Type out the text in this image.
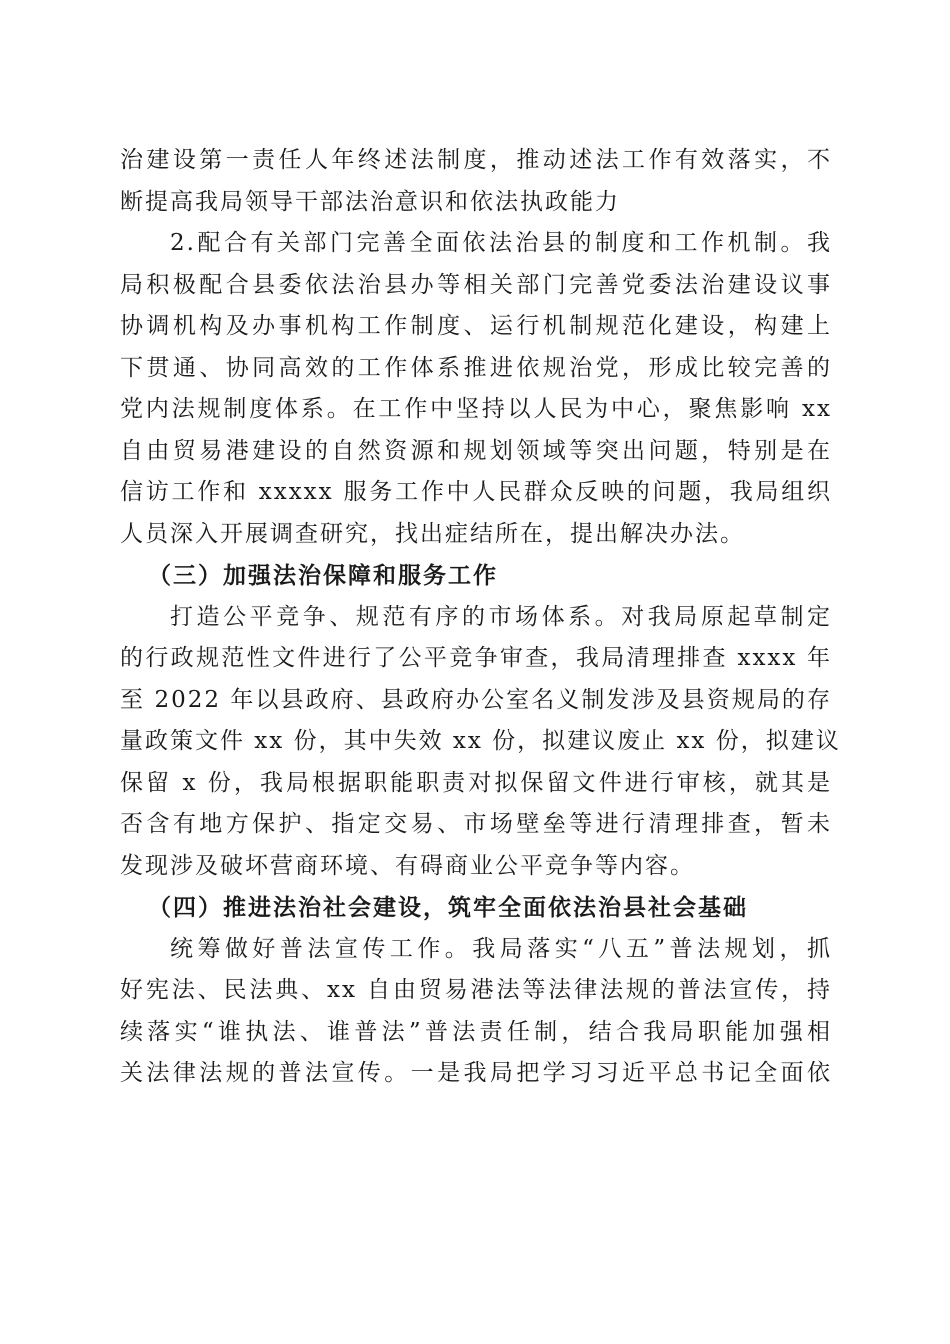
治建设第一责任人年终述法制度，推动述法工作有效落实，不
断提高我局领导干部法治意识和依法执政能力
2.配合有关部门完善全面依法治县的制度和工作机制。我
局积极配合县委依法治县办等相关部门完善党委法治建设议事
协调机构及办事机构工作制度、运行机制规范化建设，构建上
下贯通、协同高效的工作体系推进依规治党，形成比较完善的
党内法规制度体系。在工作中坚持以人民为中心，聚焦影响 xx
自由贸易港建设的自然资源和规划领域等突出问题，特别是在
信访工作和 xxxxx 服务工作中人民群众反映的问题，我局组织
人员深入开展调查研究，找出症结所在，提出解决办法。
（三）加强法治保障和服务工作
打造公平竞争、规范有序的市场体系。对我局原起草制定
的行政规范性文件进行了公平竞争审查，我局清理排查 xxxx 年
至 2022 年以县政府、县政府办公室名义制发涉及县资规局的存
量政策文件 xx 份，其中失效 xx 份，拟建议废止 xx 份，拟建议
保留 x 份，我局根据职能职责对拟保留文件进行审核，就其是
否含有地方保护、指定交易、市场壁垒等进行清理排查，暂未
发现涉及破坏营商环境、有碍商业公平竞争等内容。
（四）推进法治社会建设，筑牢全面依法治县社会基础
统筹做好普法宣传工作。我局落实“八五”普法规划，抓
好宪法、民法典、xx 自由贸易港法等法律法规的普法宣传，持
续落实“谁执法、谁普法”普法责任制，结合我局职能加强相
关法律法规的普法宣传。一是我局把学习习近平总书记全面依
